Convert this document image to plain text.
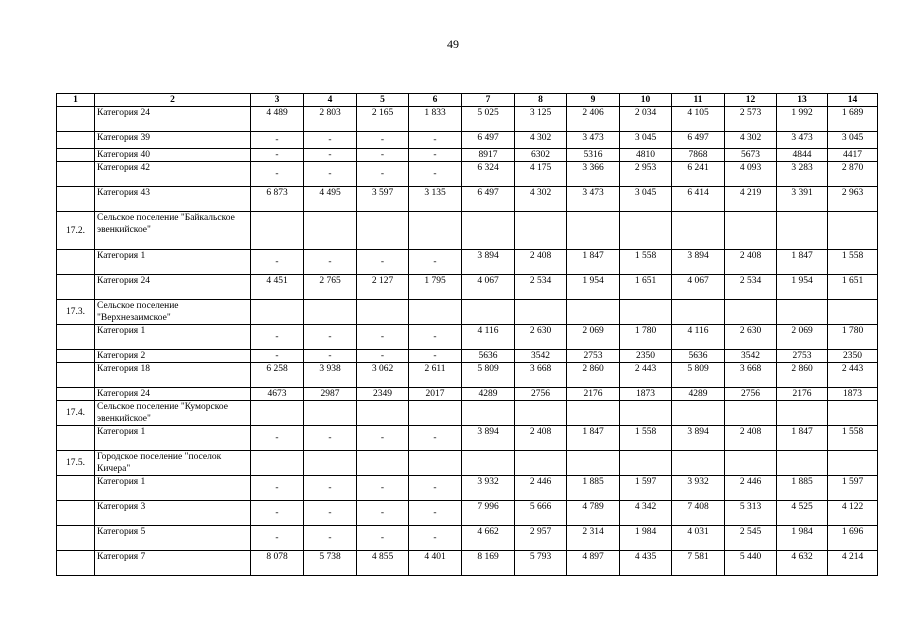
49
1	2	3	4	5	6	7	8	9	10	11	12	13	14
	Категория 24	4 489	2 803	2 165	1 833	5 025	3 125	2 406	2 034	4 105	2 573	1 992	1 689
	Категория 39	-	-	-	-	6 497	4 302	3 473	3 045	6 497	4 302	3 473	3 045
	Категория 40	-	-	-	-	8917	6302	5316	4810	7868	5673	4844	4417
	Категория 42	-	-	-	-	6 324	4 175	3 366	2 953	6 241	4 093	3 283	2 870
	Категория 43	6 873	4 495	3 597	3 135	6 497	4 302	3 473	3 045	6 414	4 219	3 391	2 963
17.2.	Сельское поселение "Байкальское эвенкийское"												
	Категория 1	-	-	-	-	3 894	2 408	1 847	1 558	3 894	2 408	1 847	1 558
	Категория 24	4 451	2 765	2 127	1 795	4 067	2 534	1 954	1 651	4 067	2 534	1 954	1 651
17.3.	Сельское поселение "Верхнезаимское"												
	Категория 1	-	-	-	-	4 116	2 630	2 069	1 780	4 116	2 630	2 069	1 780
	Категория 2	-	-	-	-	5636	3542	2753	2350	5636	3542	2753	2350
	Категория 18	6 258	3 938	3 062	2 611	5 809	3 668	2 860	2 443	5 809	3 668	2 860	2 443
	Категория 24	4673	2987	2349	2017	4289	2756	2176	1873	4289	2756	2176	1873
17.4.	Сельское поселение "Куморское эвенкийское"												
	Категория 1	-	-	-	-	3 894	2 408	1 847	1 558	3 894	2 408	1 847	1 558
17.5.	Городское поселение "поселок Кичера"												
	Категория 1	-	-	-	-	3 932	2 446	1 885	1 597	3 932	2 446	1 885	1 597
	Категория 3	-	-	-	-	7 996	5 666	4 789	4 342	7 408	5 313	4 525	4 122
	Категория 5	-	-	-	-	4 662	2 957	2 314	1 984	4 031	2 545	1 984	1 696
	Категория 7	8 078	5 738	4 855	4 401	8 169	5 793	4 897	4 435	7 581	5 440	4 632	4 214
